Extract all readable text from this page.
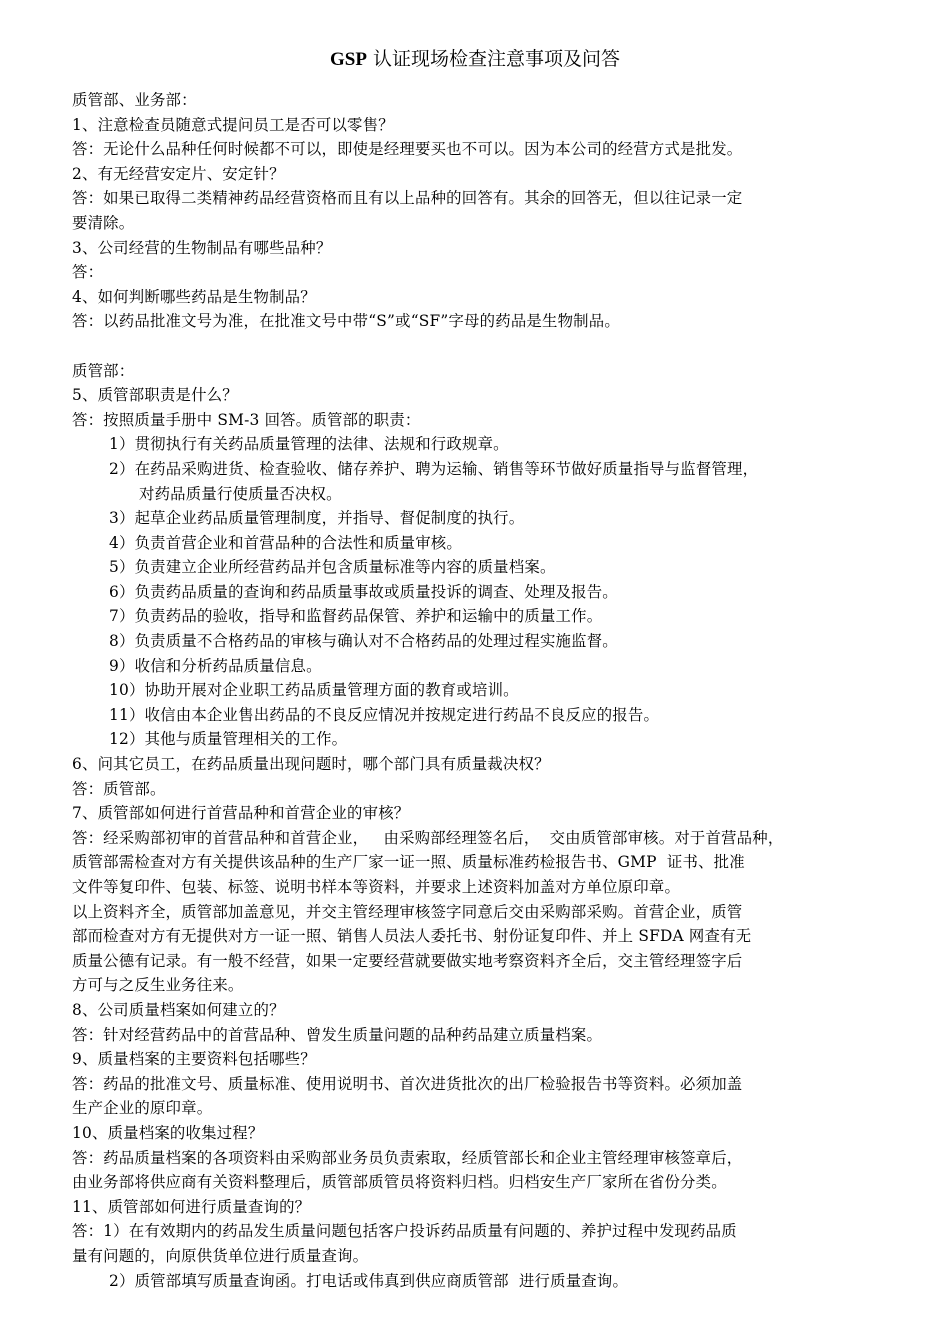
GSP 认证现场检查注意事项及问答
质管部、业务部：
1、注意检查员随意式提问员工是否可以零售？
答：无论什么品种任何时候都不可以，即使是经理要买也不可以。因为本公司的经营方式是批发。
2、有无经营安定片、安定针？
答：如果已取得二类精神药品经营资格而且有以上品种的回答有。其余的回答无，但以往记录一定
要清除。
3、公司经营的生物制品有哪些品种？
答：
4、如何判断哪些药品是生物制品？
答：以药品批准文号为准，在批准文号中带“S”或“SF”字母的药品是生物制品。
质管部：
5、质管部职责是什么？
答：按照质量手册中 SM-3 回答。质管部的职责：
1）贯彻执行有关药品质量管理的法律、法规和行政规章。
2）在药品采购进货、检查验收、储存养护、聘为运输、销售等环节做好质量指导与监督管理，
对药品质量行使质量否决权。
3）起草企业药品质量管理制度，并指导、督促制度的执行。
4）负责首营企业和首营品种的合法性和质量审核。
5）负责建立企业所经营药品并包含质量标准等内容的质量档案。
6）负责药品质量的查询和药品质量事故或质量投诉的调查、处理及报告。
7）负责药品的验收，指导和监督药品保管、养护和运输中的质量工作。
8）负责质量不合格药品的审核与确认对不合格药品的处理过程实施监督。
9）收信和分析药品质量信息。
10）协助开展对企业职工药品质量管理方面的教育或培训。
11）收信由本企业售出药品的不良反应情况并按规定进行药品不良反应的报告。
12）其他与质量管理相关的工作。
6、问其它员工，在药品质量出现问题时，哪个部门具有质量裁决权？
答：质管部。
7、质管部如何进行首营品种和首营企业的审核？
答：经采购部初审的首营品种和首营企业，   由采购部经理签名后，  交由质管部审核。对于首营品种，
质管部需检查对方有关提供该品种的生产厂家一证一照、质量标准药检报告书、GMP  证书、批准
文件等复印件、包装、标签、说明书样本等资料，并要求上述资料加盖对方单位原印章。
以上资料齐全，质管部加盖意见，并交主管经理审核签字同意后交由采购部采购。首营企业，质管
部而检查对方有无提供对方一证一照、销售人员法人委托书、射份证复印件、并上 SFDA 网查有无
质量公德有记录。有一般不经营，如果一定要经营就要做实地考察资料齐全后，交主管经理签字后
方可与之反生业务往来。
8、公司质量档案如何建立的？
答：针对经营药品中的首营品种、曾发生质量问题的品种药品建立质量档案。
9、质量档案的主要资料包括哪些？
答：药品的批准文号、质量标准、使用说明书、首次进货批次的出厂检验报告书等资料。必须加盖
生产企业的原印章。
10、质量档案的收集过程？
答：药品质量档案的各项资料由采购部业务员负责索取，经质管部长和企业主管经理审核签章后，
由业务部将供应商有关资料整理后，质管部质管员将资料归档。归档安生产厂家所在省份分类。
11、质管部如何进行质量查询的？
答：1）在有效期内的药品发生质量问题包括客户投诉药品质量有问题的、养护过程中发现药品质
量有问题的，向原供货单位进行质量查询。
2）质管部填写质量查询函。打电话或伟真到供应商质管部  进行质量查询。
